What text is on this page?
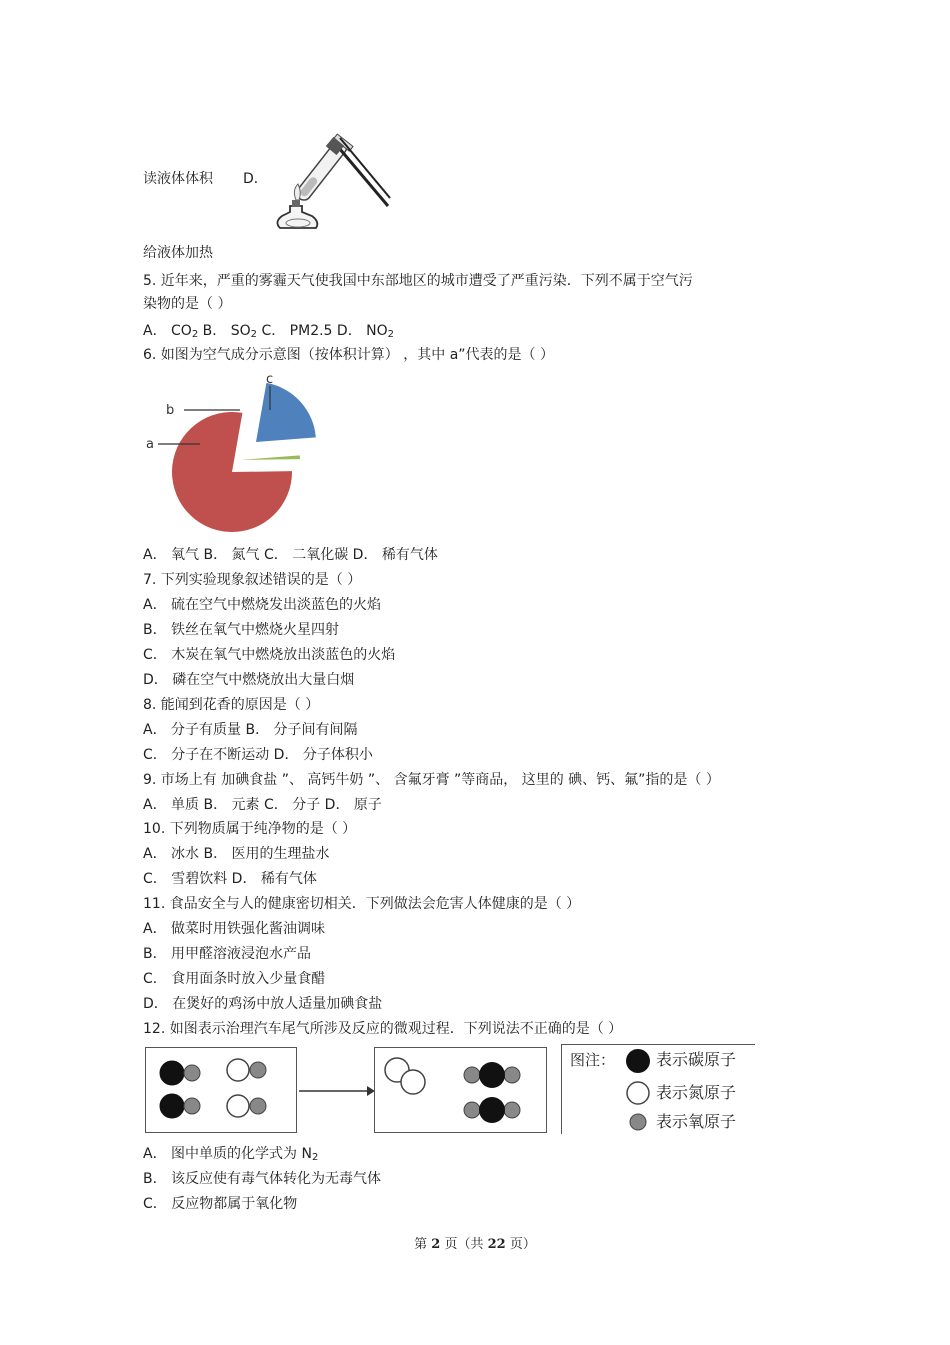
读液体体积 D．
给液体加热
5. 近年来，严重的雾霾天气使我国中东部地区的城市遭受了严重污染．下列不属于空气污
染物的是（ ）
A． $CO_2$ B． $SO_2$ C． PM2.5 D． $NO_2$
6. 如图为空气成分示意图（按体积计算） ，其中 a”代表的是（ ）
a
b
c
A． 氧气 B． 氮气 C． 二氧化碳 D． 稀有气体
7. 下列实验现象叙述错误的是（ ）
A． 硫在空气中燃烧发出淡蓝色的火焰
B． 铁丝在氧气中燃烧火星四射
C． 木炭在氧气中燃烧放出淡蓝色的火焰
D． 磷在空气中燃烧放出大量白烟
8. 能闻到花香的原因是（ ）
A． 分子有质量 B． 分子间有间隔
C． 分子在不断运动 D． 分子体积小
9. 市场上有 加碘食盐 ”、 高钙牛奶 ”、 含氟牙膏 ”等商品， 这里的 碘、钙、氟”指的是（ ）
A． 单质 B． 元素 C． 分子 D． 原子
10. 下列物质属于纯净物的是（ ）
A． 冰水 B． 医用的生理盐水
C． 雪碧饮料 D． 稀有气体
11. 食品安全与人的健康密切相关．下列做法会危害人体健康的是（ ）
A． 做菜时用铁强化酱油调味
B． 用甲醛溶液浸泡水产品
C． 食用面条时放入少量食醋
D． 在煲好的鸡汤中放人适量加碘食盐
12. 如图表示治理汽车尾气所涉及反应的微观过程．下列说法不正确的是（ ）
图注：	表示碳原子
表示氮原子
表示氧原子
A． 图中单质的化学式为 $N_2$
B． 该反应使有毒气体转化为无毒气体
C． 反应物都属于氧化物
第 2 页（共 22 页）
